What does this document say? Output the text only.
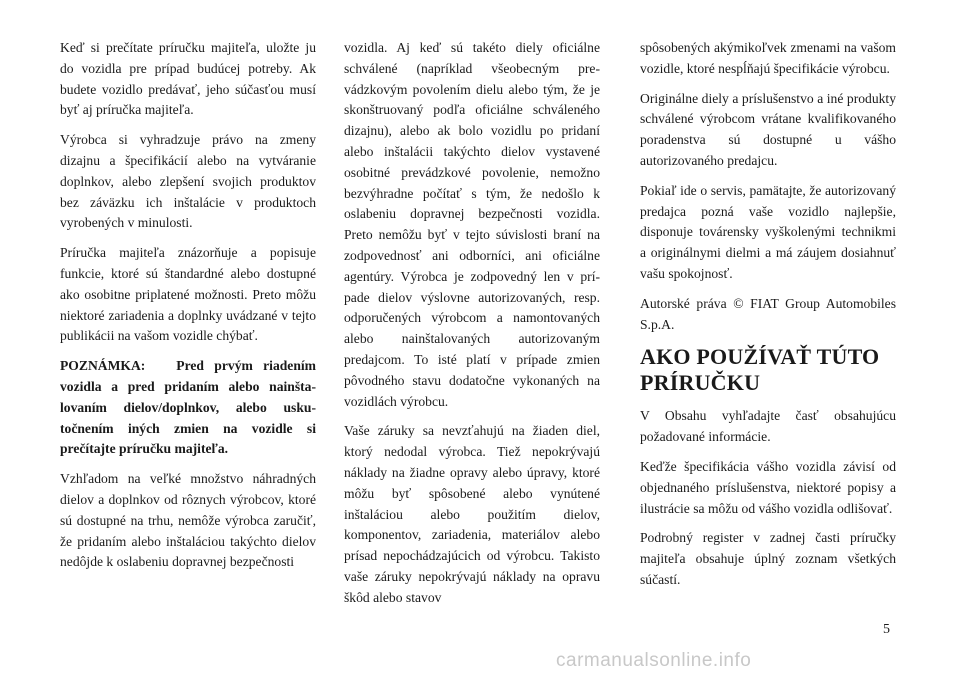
Keď si prečítate príručku majiteľa, uložte ju do vozidla pre prípad budúcej potreby. Ak budete vozidlo predávať, jeho súčasťou musí byť aj príručka majiteľa.

Výrobca si vyhradzuje právo na zmeny dizajnu a špecifikácií alebo na vytváranie doplnkov, alebo zlepšení svojich produktov bez záväzku ich inštalácie v produktoch vyrobených v minulosti.

Príručka majiteľa znázorňuje a popisuje funkcie, ktoré sú štandardné alebo dostupné ako osobitne priplatené možnosti. Preto môžu niektoré zariadenia a doplnky uvádzané v tejto publikácii na vašom vozidle chýbať.

POZNÁMKA: Pred prvým riadením vozidla a pred pridaním alebo nainštalovaním dielov/doplnkov, alebo uskutočnením iných zmien na vozidle si prečítajte príručku majiteľa.

Vzhľadom na veľké množstvo náhradných dielov a doplnkov od rôznych výrobcov, ktoré sú dostupné na trhu, nemôže výrobca zaručiť, že pridaním alebo inštaláciou takýchto dielov nedôjde k oslabeniu dopravnej bezpečnosti

vozidla. Aj keď sú takéto diely oficiálne schválené (napríklad všeobecným prevádzkovým povolením dielu alebo tým, že je skonštruovaný podľa oficiálne schváleného dizajnu), alebo ak bolo vozidlu po pridaní alebo inštalácii takýchto dielov vystavené osobitné prevádzkové povolenie, nemožno bezvýhradne počítať s tým, že nedošlo k oslabeniu dopravnej bezpečnosti vozidla. Preto nemôžu byť v tejto súvislosti braní na zodpovednosť ani odborníci, ani oficiálne agentúry. Výrobca je zodpovedný len v prípade dielov výslovne autorizovaných, resp. odporučených výrobcom a namontovaných alebo nainštalovaných autorizovaným predajcom. To isté platí v prípade zmien pôvodného stavu dodatočne vykonaných na vozidlách výrobcu.

Vaše záruky sa nevzťahujú na žiaden diel, ktorý nedodal výrobca. Tiež nepokrývajú náklady na žiadne opravy alebo úpravy, ktoré môžu byť spôsobené alebo vynútené inštaláciou alebo použitím dielov, komponentov, zariadenia, materiálov alebo prísad nepochádzajúcich od výrobcu. Takisto vaše záruky nepokrývajú náklady na opravu škôd alebo stavov

spôsobených akýmikoľvek zmenami na vašom vozidle, ktoré nespĺňajú špecifikácie výrobcu.

Originálne diely a príslušenstvo a iné produkty schválené výrobcom vrátane kvalifikovaného poradenstva sú dostupné u vášho autorizovaného predajcu.

Pokiaľ ide o servis, pamätajte, že autorizovaný predajca pozná vaše vozidlo najlepšie, disponuje továrensky vyškolenými technikmi a originálnymi dielmi a má záujem dosiahnuť vašu spokojnosť.

Autorské práva © FIAT Group Automobiles S.p.A.

AKO POUŽÍVAŤ TÚTO PRÍRUČKU

V Obsahu vyhľadajte časť obsahujúcu požadované informácie.

Keďže špecifikácia vášho vozidla závisí od objednaného príslušenstva, niektoré popisy a ilustrácie sa môžu od vášho vozidla odlišovať.

Podrobný register v zadnej časti príručky majiteľa obsahuje úplný zoznam všetkých súčastí.

5
carmanualsonline.info
